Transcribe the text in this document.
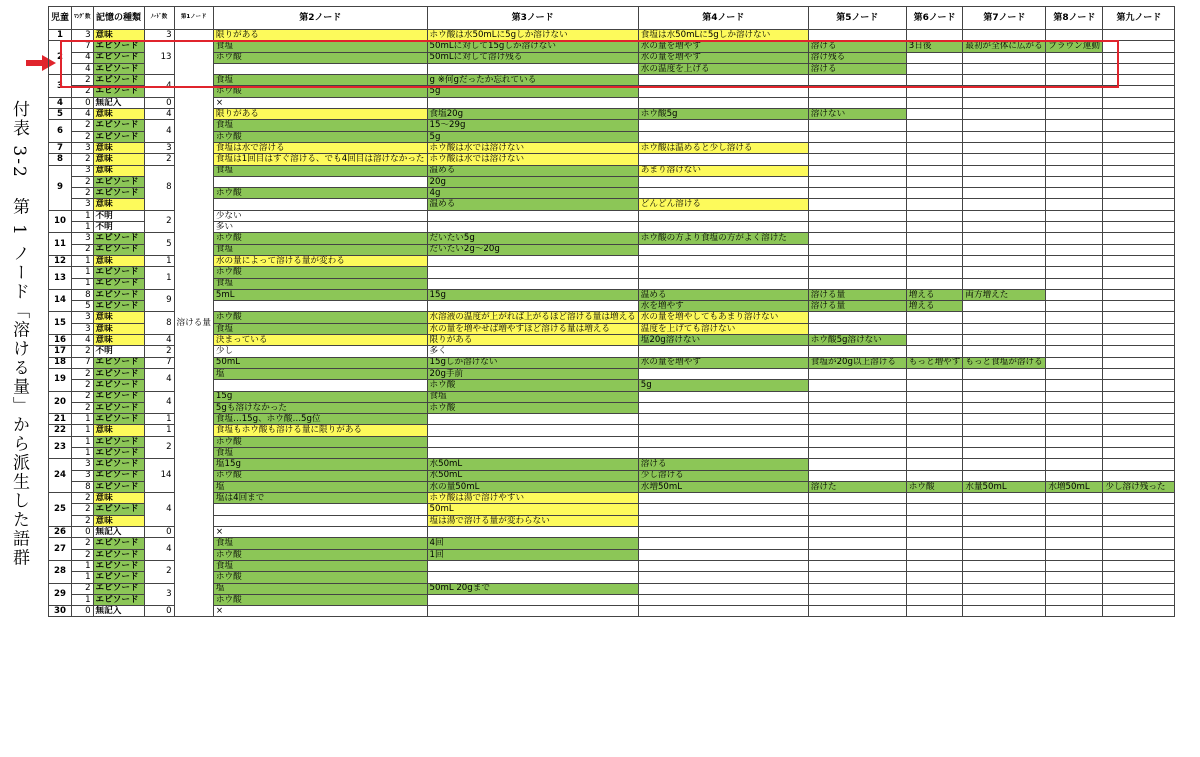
付表 3-2　第 1 ノード「溶ける量」から派生した語群
児童	ﾏﾝｸﾞ数	記憶の種類	ﾉｰﾄﾞ数	第1ノード	第2ノード	第3ノード	第4ノード	第5ノード	第6ノード	第7ノード	第8ノード	第九ノード
1	3	意味	3	溶ける量	限りがある	ホウ酸は水50mLに5gしか溶けない	食塩は水50mLに5gしか溶けない					
2	7	エピソード	13		食塩	50mLに対して15gしか溶けない	水の量を増やす	溶ける	3日後	最初が全体に広がる	ブラウン運動	
	4	エピソード			ホウ酸	50mLに対して溶け残る	水の量を増やす	溶け残る				
	4	エピソード					水の温度を上げる	溶ける				
3	2	エピソード	4		食塩	g ※何gだったか忘れている						
	2	エピソード			ホウ酸	5g						
4	0	無記入	0		×							
5	4	意味	4		限りがある	食塩20g	ホウ酸5g	溶けない				
6	2	エピソード	4		食塩	15〜29g						
	2	エピソード			ホウ酸	5g						
7	3	意味	3		食塩は水で溶ける	ホウ酸は水では溶けない	ホウ酸は温めると少し溶ける					
8	2	意味	2		食塩は1回目はすぐ溶ける、でも4回目は溶けなかった	ホウ酸は水では溶けない						
9	3	意味	8		食塩	温める	あまり溶けない					
	2	エピソード				20g						
	2	エピソード			ホウ酸	4g						
	3	意味				温める	どんどん溶ける					
10	1	不明	2		少ない							
	1	不明			多い							
11	3	エピソード	5		ホウ酸	だいたい5g	ホウ酸の方より食塩の方がよく溶けた					
	2	エピソード			食塩	だいたい2g〜20g						
12	1	意味	1		水の量によって溶ける量が変わる							
13	1	エピソード	1		ホウ酸							
	1	エピソード			食塩							
14	8	エピソード	9		5mL	15g	温める	溶ける量	増える	両方増えた		
	5	エピソード					水を増やす	溶ける量	増える			
15	3	意味	8		ホウ酸	水溶液の温度が上がれば上がるほど溶ける量は増える	水の量を増やしてもあまり溶けない					
	3	意味			食塩	水の量を増やせば増やすほど溶ける量は増える	温度を上げても溶けない					
16	4	意味	4		決まっている	限りがある	塩20g溶けない	ホウ酸5g溶けない				
17	2	不明	2		少し	多く						
18	7	エピソード	7		50mL	15gしか溶けない	水の量を増やす	食塩が20g以上溶ける	もっと増やす	もっと食塩が溶ける		
19	2	エピソード	4		塩	20g手前						
	2	エピソード				ホウ酸	5g					
20	2	エピソード	4		15g	食塩						
	2	エピソード			5gも溶けなかった	ホウ酸						
21	1	エピソード	1		食塩…15g、ホウ酸…5g位							
22	1	意味	1		食塩もホウ酸も溶ける量に限りがある							
23	1	エピソード	2		ホウ酸							
	1	エピソード			食塩							
24	3	エピソード	14		塩15g	水50mL	溶ける					
	3	エピソード			ホウ酸	水50mL	少し溶ける					
	8	エピソード			塩	水の量50mL	水増50mL	溶けた	ホウ酸	水量50mL	水増50mL	少し溶け残った
25	2	意味	4		塩は4回まで	ホウ酸は湯で溶けやすい						
	2	エピソード				50mL						
	2	意味				塩は湯で溶ける量が変わらない						
26	0	無記入	0		×							
27	2	エピソード	4		食塩	4回						
	2	エピソード			ホウ酸	1回						
28	1	エピソード	2		食塩							
	1	エピソード			ホウ酸							
29	2	エピソード	3		塩	50mL 20gまで						
	1	エピソード			ホウ酸							
30	0	無記入	0		×							
